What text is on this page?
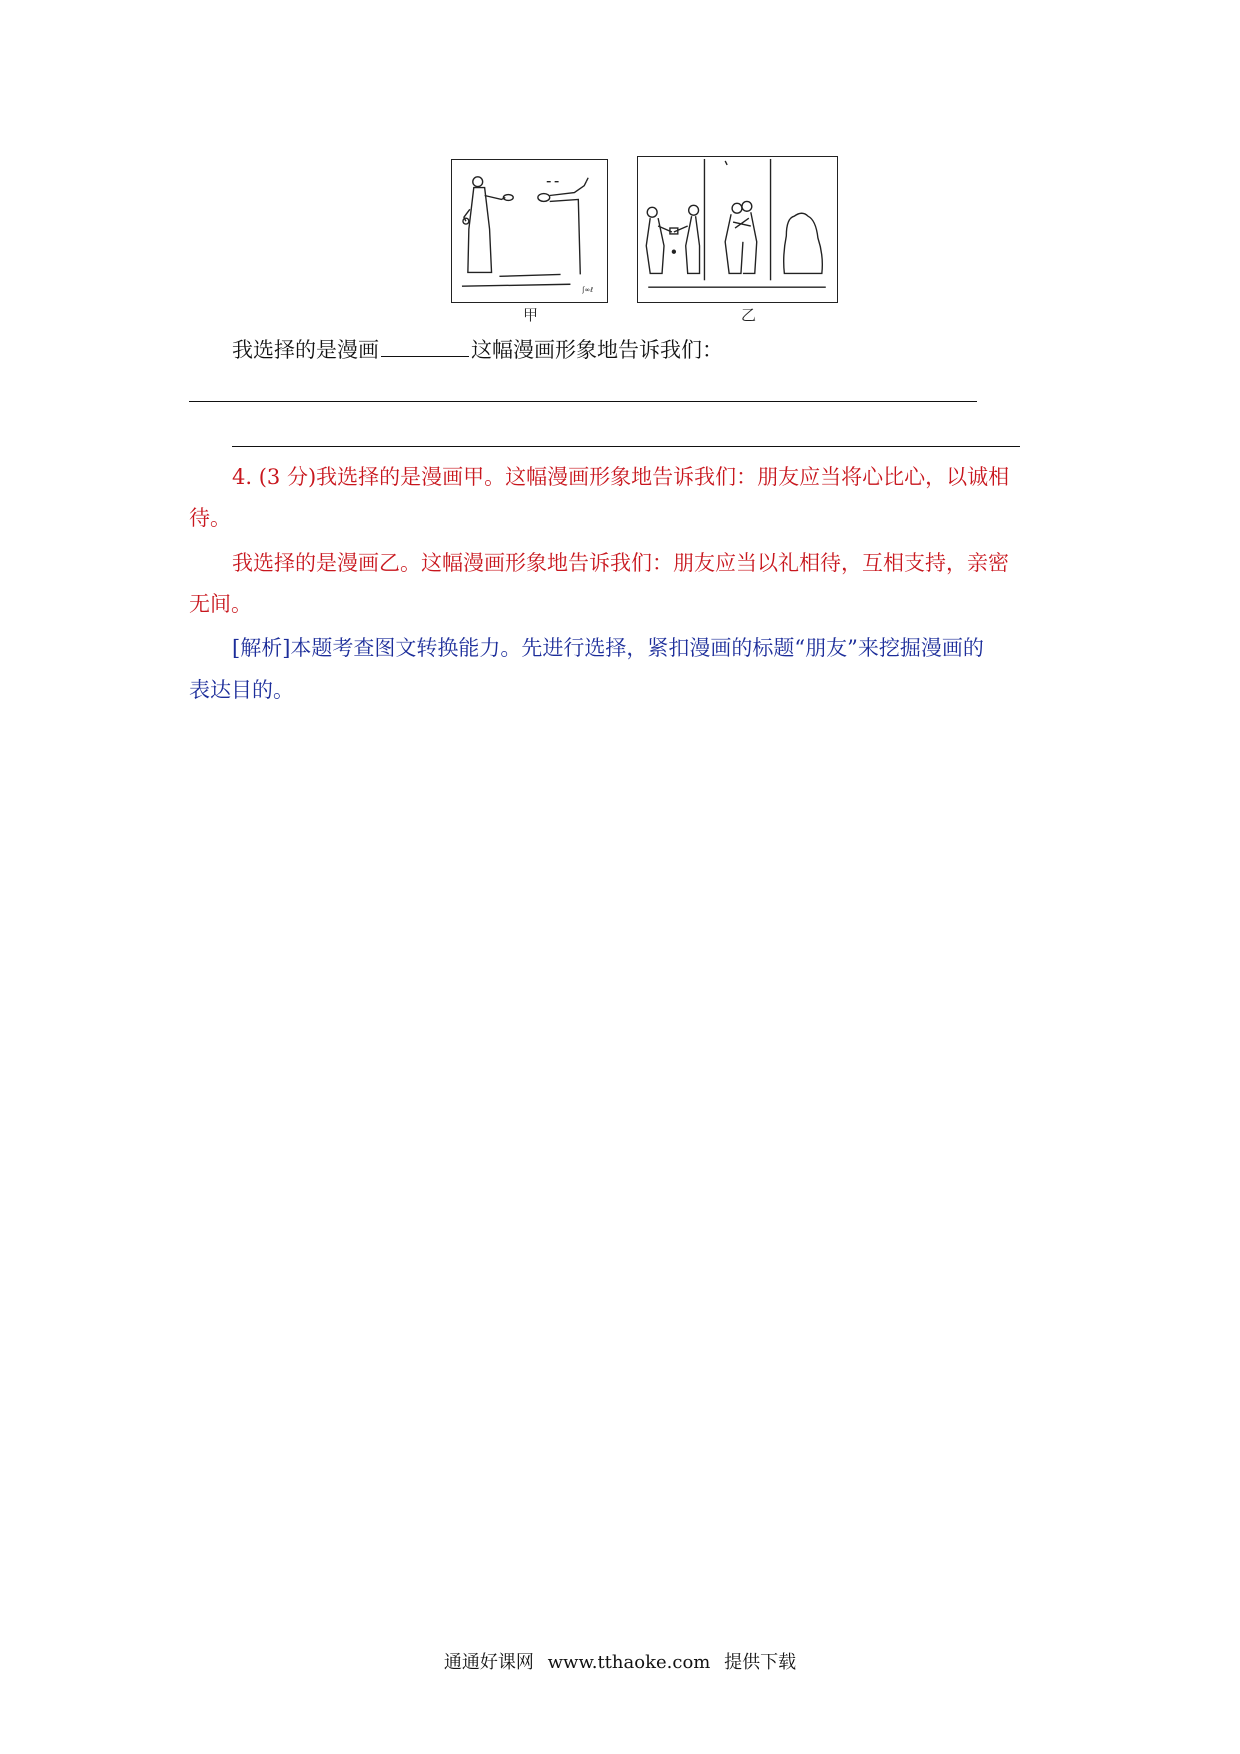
ʃ∞ℓ
甲	乙
我选择的是漫画	这幅漫画形象地告诉我们：
4. (3 分)我选择的是漫画甲。这幅漫画形象地告诉我们：朋友应当将心比心，以诚相
待。
我选择的是漫画乙。这幅漫画形象地告诉我们：朋友应当以礼相待，互相支持，亲密
无间。
[解析]本题考查图文转换能力。先进行选择，紧扣漫画的标题“朋友”来挖掘漫画的
表达目的。
通通好课网 www.tthaoke.com 提供下载
